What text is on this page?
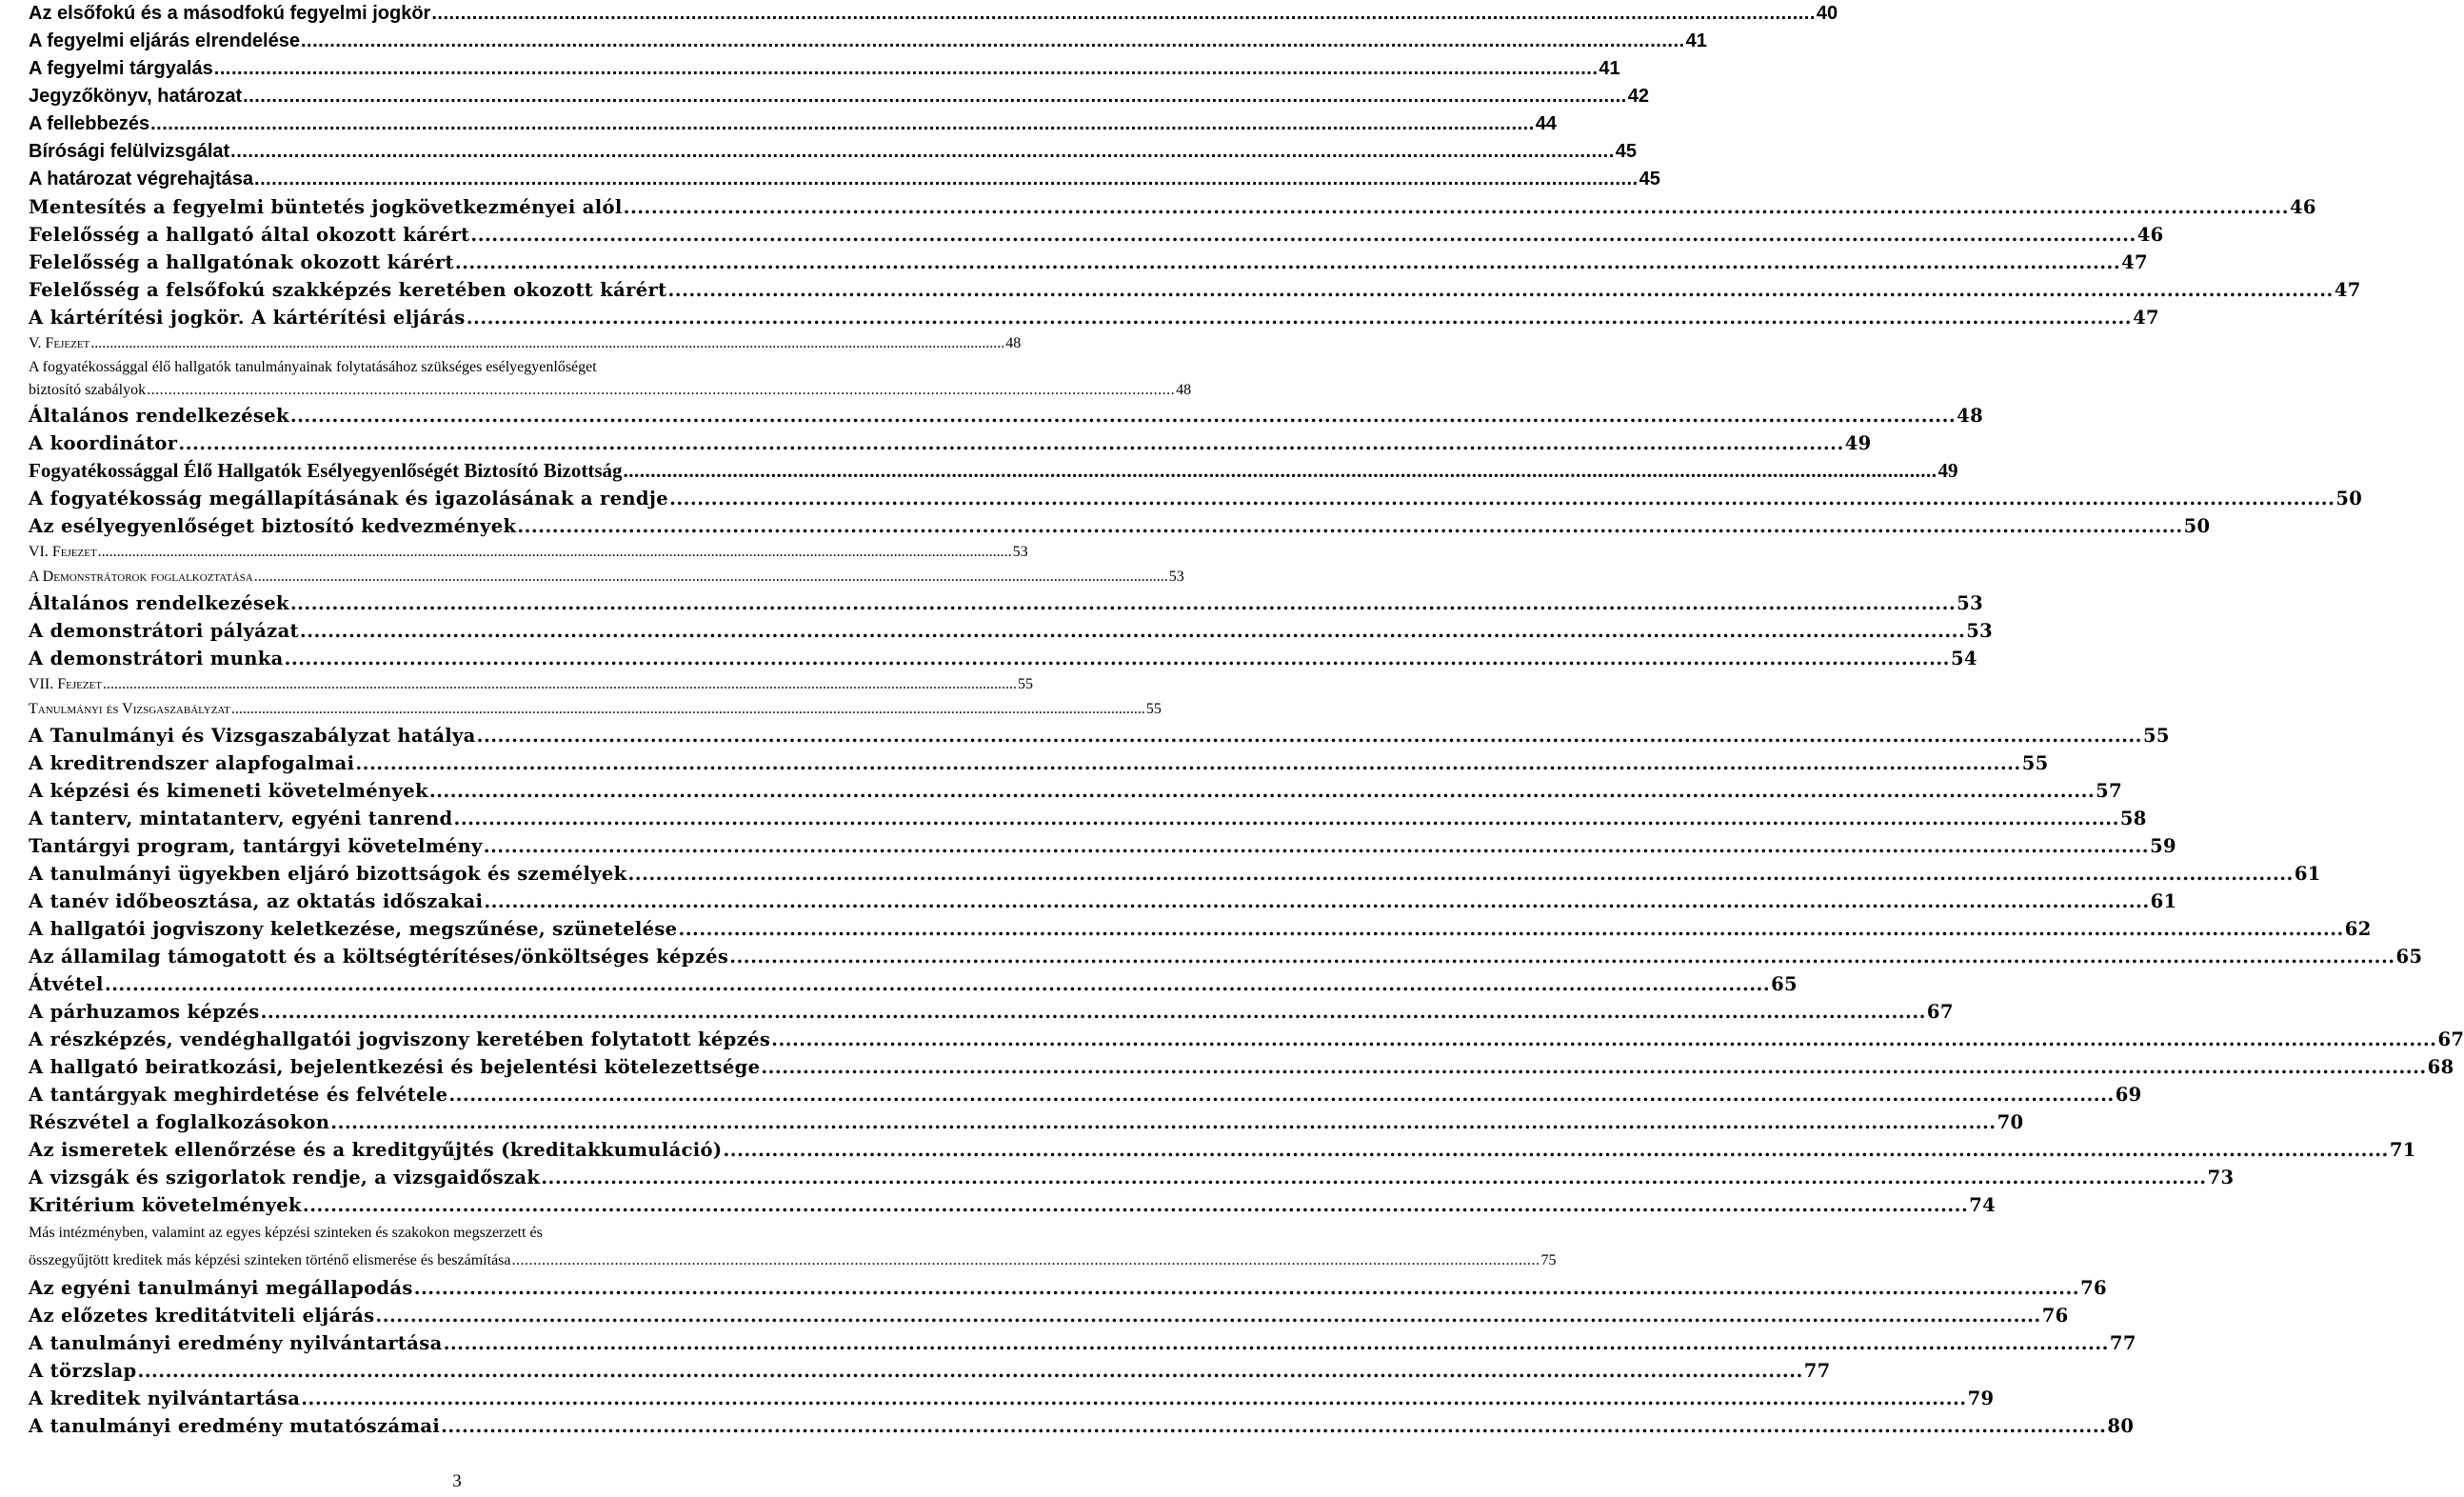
Az elsőfokú és a másodfokú fegyelmi jogkör .....	40
A fegyelmi eljárás elrendelése .....	41
A fegyelmi tárgyalás .....	41
Jegyzőkönyv, határozat .....	42
A fellebbezés .....	44
Bírósági felülvizsgálat .....	45
A határozat végrehajtása .....	45
Mentesítés a fegyelmi büntetés jogkövetkezményei alól .....	46
Felelősség a hallgató által okozott kárért .....	46
Felelősség a hallgatónak okozott kárért .....	47
Felelősség a felsőfokú szakképzés keretében okozott kárért .....	47
A kártérítési jogkör. A kártérítési eljárás .....	47
V. Fejezet .....	48
A fogyatékossággal élő hallgatók tanulmányainak folytatásához szükséges esélyegyenlőséget
biztosító szabályok .....	48
Általános rendelkezések .....	48
A koordinátor .....	49
Fogyatékossággal Élő Hallgatók Esélyegyenlőségét Biztosító Bizottság .....	49
A fogyatékosság megállapításának és igazolásának a rendje .....	50
Az esélyegyenlőséget biztosító kedvezmények .....	50
VI. Fejezet .....	53
A Demonstrátorok foglalkoztatása .....	53
Általános rendelkezések .....	53
A demonstrátori pályázat .....	53
A demonstrátori munka .....	54
VII. Fejezet .....	55
Tanulmányi és Vizsgaszabályzat .....	55
A Tanulmányi és Vizsgaszabályzat hatálya .....	55
A kreditrendszer alapfogalmai .....	55
A képzési és kimeneti követelmények .....	57
A tanterv, mintatanterv, egyéni tanrend .....	58
Tantárgyi program, tantárgyi követelmény .....	59
A tanulmányi ügyekben eljáró bizottságok és személyek .....	61
A tanév időbeosztása, az oktatás időszakai .....	61
A hallgatói jogviszony keletkezése, megszűnése, szünetelése .....	62
Az államilag támogatott és a költségtérítéses/önköltséges képzés .....	65
Átvétel .....	65
A párhuzamos képzés .....	67
A részképzés, vendéghallgatói jogviszony keretében folytatott képzés .....	67
A hallgató beiratkozási, bejelentkezési és bejelentési kötelezettsége .....	68
A tantárgyak meghirdetése és felvétele .....	69
Részvétel a foglalkozásokon .....	70
Az ismeretek ellenőrzése és a kreditgyűjtés (kreditakkumuláció) .....	71
A vizsgák és szigorlatok rendje, a vizsgaidőszak .....	73
Kritérium követelmények .....	74
Más intézményben, valamint az egyes képzési szinteken és szakokon megszerzett és
összegyűjtött kreditek más képzési szinteken történő elismerése és beszámítása .....	75
Az egyéni tanulmányi megállapodás .....	76
Az előzetes kreditátviteli eljárás .....	76
A tanulmányi eredmény nyilvántartása .....	77
A törzslap .....	77
A kreditek nyilvántartása .....	79
A tanulmányi eredmény mutatószámai .....	80
3
